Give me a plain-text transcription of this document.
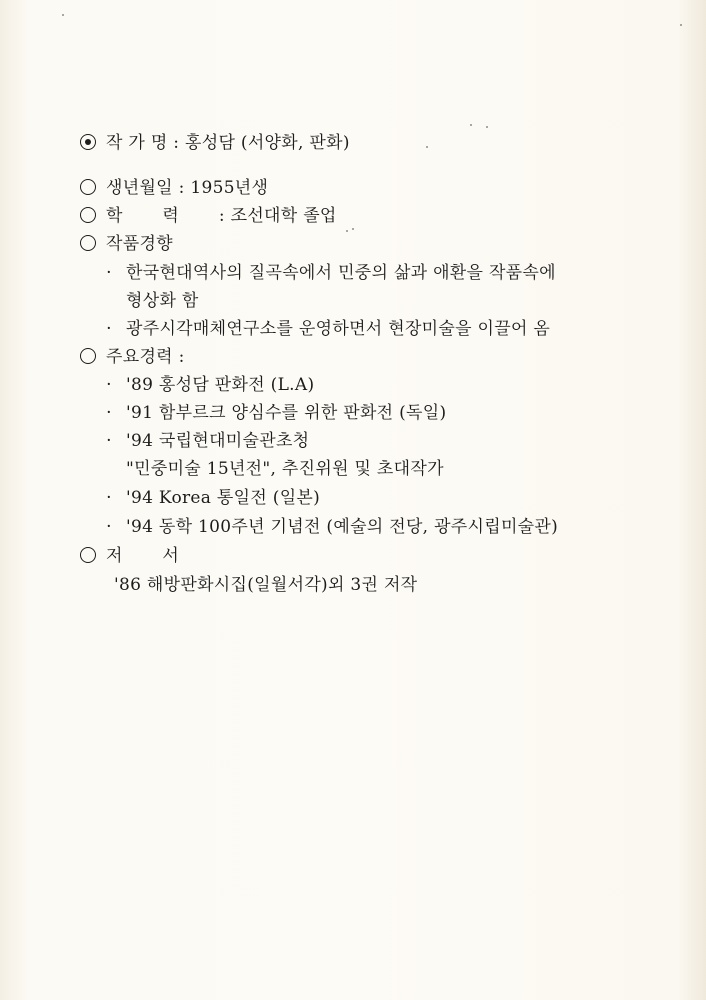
작 가 명 : 홍성담 (서양화, 판화)
생년월일 : 1955년생
학 력 : 조선대학 졸업
작품경향
· 한국현대역사의 질곡속에서 민중의 삶과 애환을 작품속에
형상화 함
· 광주시각매체연구소를 운영하면서 현장미술을 이끌어 옴
주요경력 :
· '89 홍성담 판화전 (L.A)
· '91 함부르크 양심수를 위한 판화전 (독일)
· '94 국립현대미술관초청
"민중미술 15년전", 추진위원 및 초대작가
· '94 Korea 통일전 (일본)
· '94 동학 100주년 기념전 (예술의 전당, 광주시립미술관)
저 서
'86 해방판화시집(일월서각)외 3권 저작
